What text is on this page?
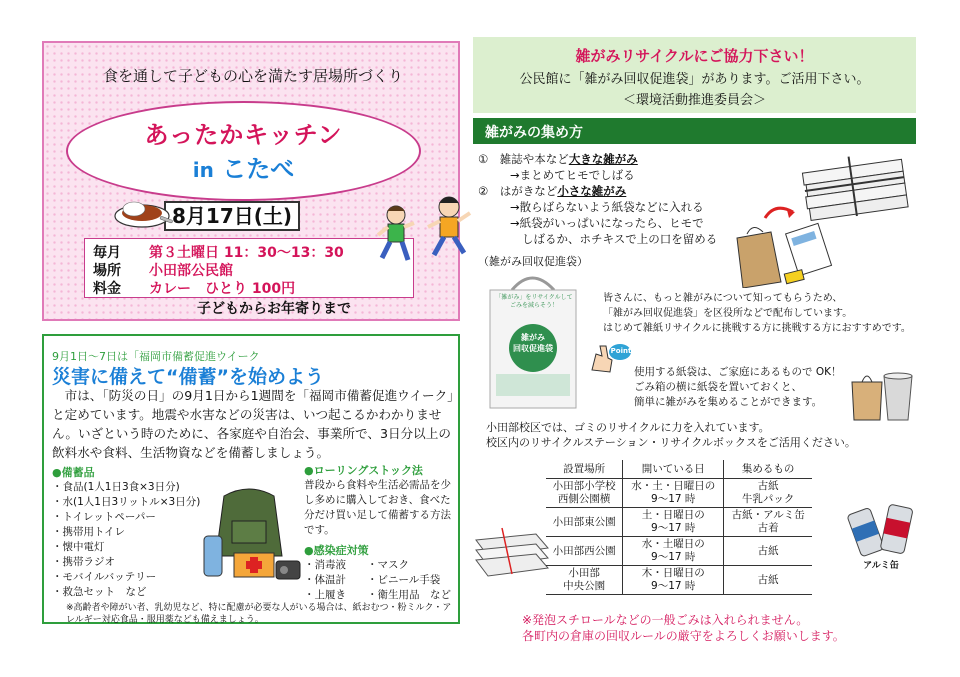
食を通して子どもの心を満たす居場所づくり
あったかキッチン
in こたべ
8月17日(土)
毎月 第３土曜日 11：30〜13：30
場所 小田部公民館
料金 カレー　ひとり 100円
子どもからお年寄りまで
9月1日〜7日は「福岡市備蓄促進ウイーク
災害に備えて“備蓄”を始めよう
　市は、「防災の日」の9月1日から1週間を「福岡市備蓄促進ウイーク」と定めています。地震や水害などの災害は、いつ起こるかわかりません。いざという時のために、各家庭や自治会、事業所で、3日分以上の飲料水や食料、生活物資などを備蓄しましょう。
●備蓄品
・食品(1人1日3食×3日分)
・水(1人1日3リットル×3日分)
・トイレットペーパー
・携帯用トイレ
・懐中電灯
・携帯ラジオ
・モバイルバッテリー
・救急セット　など
●ローリングストック法
普段から食料や生活必需品を少し多めに購入しておき、食べた分だけ買い足して備蓄する方法です。
●感染症対策
・消毒液　　・マスク
・体温計　　・ビニール手袋
・上履き　　・衛生用品　など
※高齢者や障がい者、乳幼児など、特に配慮が必要な人がいる場合は、紙おむつ・粉ミルク・アレルギー対応食品・服用薬なども備えましょう。
雑がみリサイクルにご協力下さい！
公民館に「雑がみ回収促進袋」があります。ご活用下さい。
＜環境活動推進委員会＞
雑がみの集め方
①　雑誌や本など大きな雑がみ
→まとめてヒモでしばる
②　はがきなど小さな雑がみ
→散らばらないよう紙袋などに入れる
→紙袋がいっぱいになったら、ヒモで
しばるか、ホチキスで上の口を留める
（雑がみ回収促進袋）
「雑がみ」をリサイクルしてごみを減らそう！
雑がみ
回収促進袋
皆さんに、もっと雑がみについて知ってもらうため、
「雑がみ回収促進袋」を区役所などで配布しています。
はじめて雑紙リサイクルに挑戦する方に挑戦する方におすすめです。
Point
使用する紙袋は、ご家庭にあるもので OK！
ごみ箱の横に紙袋を置いておくと、
簡単に雑がみを集めることができます。
小田部校区では、ゴミのリサイクルに力を入れています。
校区内のリサイクルステーション・リサイクルボックスをご活用ください。
設置場所	開いている日	集めるもの
小田部小学校
西側公園横	水・土・日曜日の
9〜17 時	古紙
牛乳パック
小田部東公園	土・日曜日の
9〜17 時	古紙・アルミ缶
古着
小田部西公園	水・土曜日の
9〜17 時	古紙
小田部
中央公園	木・日曜日の
9〜17 時	古紙
アルミ缶
※発泡スチロールなどの一般ごみは入れられません。
各町内の倉庫の回収ルールの厳守をよろしくお願いします。
